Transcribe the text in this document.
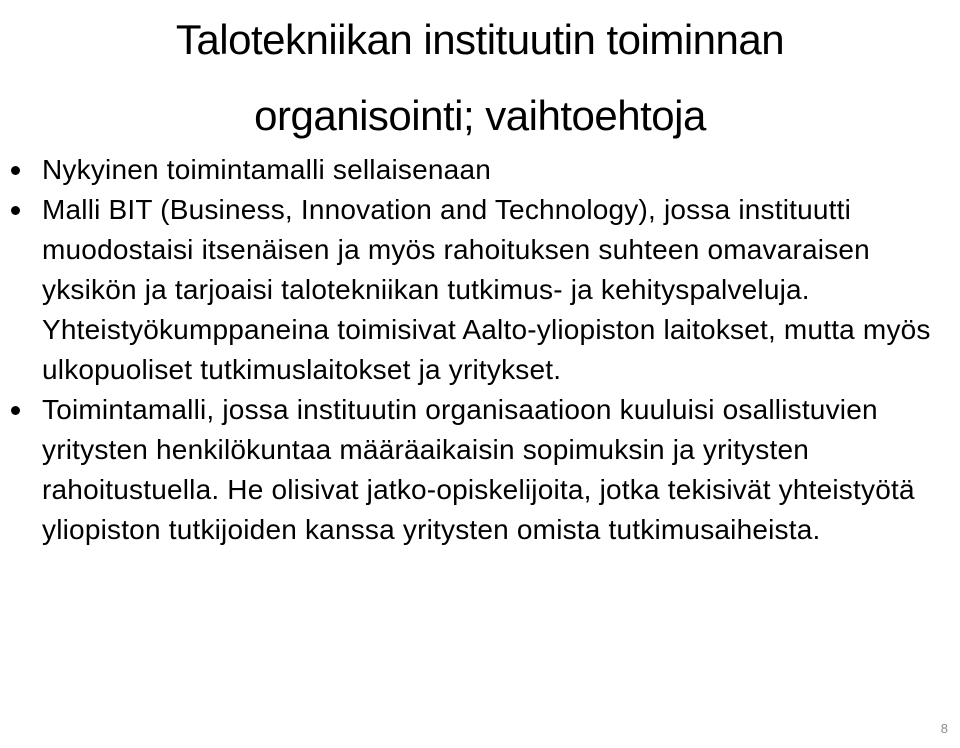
Talotekniikan instituutin toiminnan
organisointi; vaihtoehtoja
Nykyinen toimintamalli sellaisenaan
Malli BIT (Business, Innovation and Technology), jossa instituutti muodostaisi itsenäisen ja myös rahoituksen suhteen omavaraisen yksikön ja tarjoaisi talotekniikan tutkimus- ja kehityspalveluja. Yhteistyökumppaneina toimisivat Aalto-yliopiston laitokset, mutta myös ulkopuoliset tutkimuslaitokset ja yritykset.
Toimintamalli, jossa instituutin organisaatioon kuuluisi osallistuvien yritysten henkilökuntaa määräaikaisin sopimuksin ja yritysten rahoitustuella. He olisivat jatko-opiskelijoita, jotka tekisivät yhteistyötä yliopiston tutkijoiden kanssa yritysten omista tutkimusaiheista.
8
